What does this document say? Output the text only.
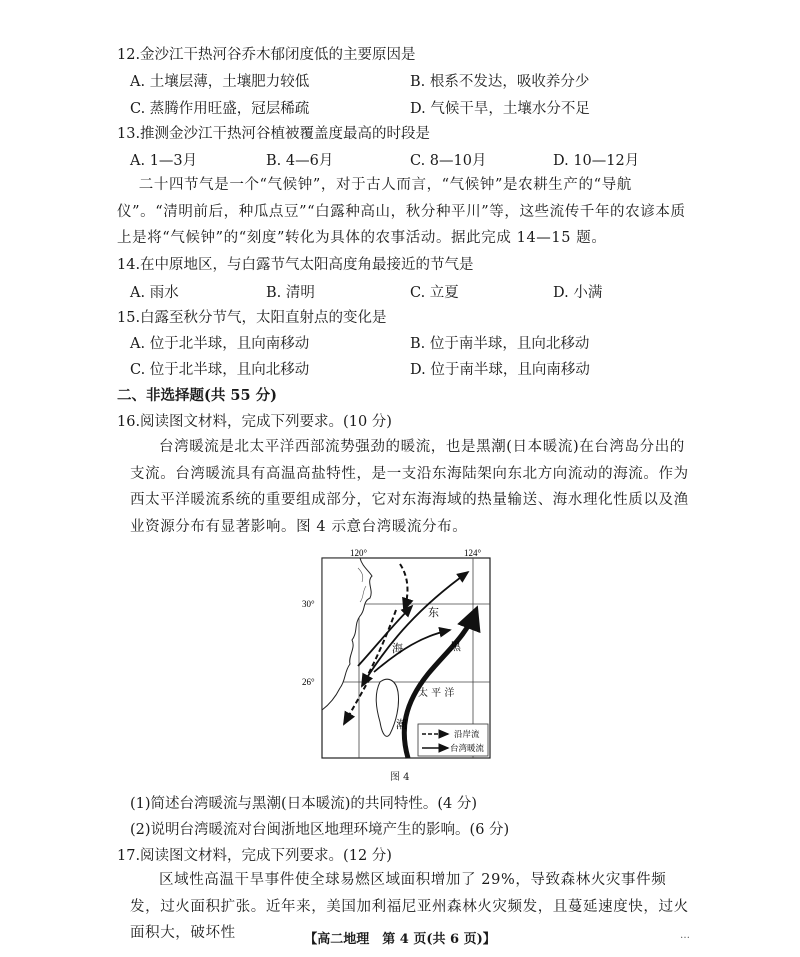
12.金沙江干热河谷乔木郁闭度低的主要原因是
A. 土壤层薄，土壤肥力较低	B. 根系不发达，吸收养分少
C. 蒸腾作用旺盛，冠层稀疏	D. 气候干旱，土壤水分不足
13.推测金沙江干热河谷植被覆盖度最高的时段是
A. 1—3月	B. 4—6月	C. 8—10月	D. 10—12月
二十四节气是一个“气候钟”，对于古人而言，“气候钟”是农耕生产的“导航仪”。“清明前后，种瓜点豆”“白露种高山，秋分种平川”等，这些流传千年的农谚本质上是将“气候钟”的“刻度”转化为具体的农事活动。据此完成 14—15 题。
14.在中原地区，与白露节气太阳高度角最接近的节气是
A. 雨水	B. 清明	C. 立夏	D. 小满
15.白露至秋分节气，太阳直射点的变化是
A. 位于北半球，且向南移动	B. 位于南半球，且向北移动
C. 位于北半球，且向北移动	D. 位于南半球，且向南移动
二、非选择题(共 55 分)
16.阅读图文材料，完成下列要求。(10 分)
台湾暖流是北太平洋西部流势强劲的暖流，也是黑潮(日本暖流)在台湾岛分出的支流。台湾暖流具有高温高盐特性，是一支沿东海陆架向东北方向流动的海流。作为西太平洋暖流系统的重要组成部分，它对东海海域的热量输送、海水理化性质以及渔业资源分布有显著影响。图 4 示意台湾暖流分布。
120°	124°
30°
26°
东
海	黑
潮
太 平 洋
沿岸流
台湾暖流
图 4
(1)简述台湾暖流与黑潮(日本暖流)的共同特性。(4 分)
(2)说明台湾暖流对台闽浙地区地理环境产生的影响。(6 分)
17.阅读图文材料，完成下列要求。(12 分)
区域性高温干旱事件使全球易燃区域面积增加了 29%，导致森林火灾事件频发，过火面积扩张。近年来，美国加利福尼亚州森林火灾频发，且蔓延速度快，过火面积大，破坏性	【高二地理　第 4 页(共 6 页)】	…
